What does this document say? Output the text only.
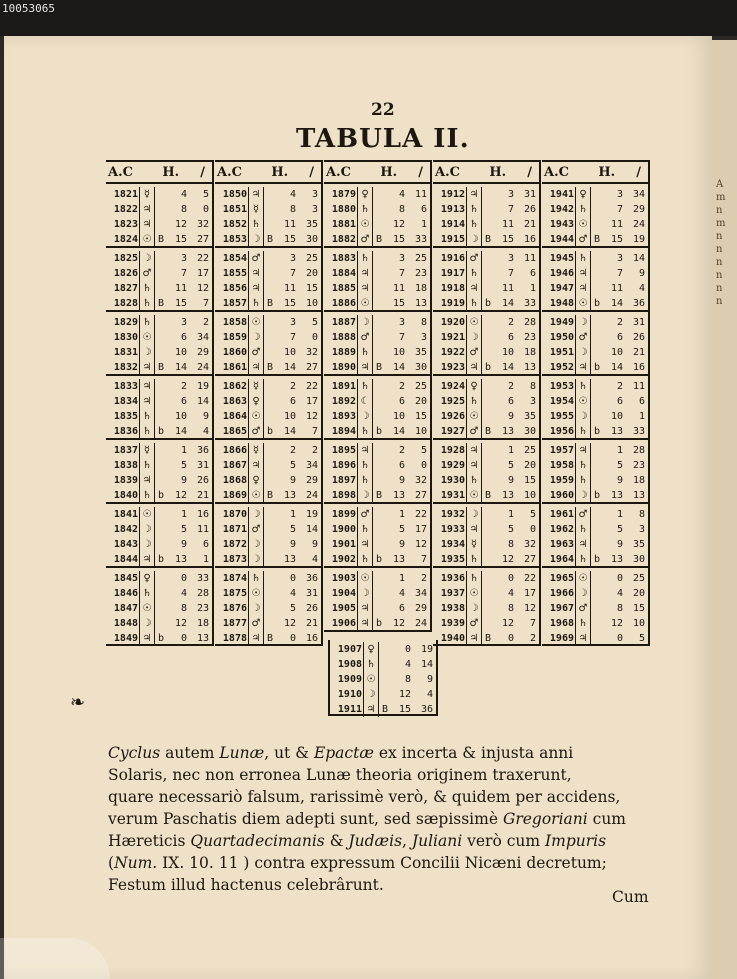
10053065
A
m
n
m
n
n
n
n
n
n
22
TABULA II.
A.C	H.	/
1821 ☿	4	5
1822 ♃	8	0
1823 ♃	12 32
1824 ☉ B	15 27
1825 ☽	3 22
1826 ♂	7 17
1827 ♄	11 12
1828 ♄ B	15	7
1829 ♄	3	2
1830 ☉	6 34
1831 ☽	10 29
1832 ♃ B	14 24
1833 ♃	2 19
1834 ♃	6 14
1835 ♄	10	9
1836 ♄ b	14	4
1837 ☿	1 36
1838 ♄	5 31
1839 ♃	9 26
1840 ♄ b	12 21
1841 ☉	1 16
1842 ☽	5 11
1843 ☽	9	6
1844 ♃ b	13	1
1845 ♀	0 33
1846 ♄	4 28
1847 ☉	8 23
1848 ☽	12 18
1849 ♃ b	0 13
A.C	H.	/
1850 ♃	4	3
1851 ☿	8	3
1852 ♄	11 35
1853 ☽ B	15 30
1854 ♂	3 25
1855 ♃	7 20
1856 ♃	11 15
1857 ♄ B	15 10
1858 ☉	3	5
1859 ☽	7	0
1860 ♂	10 32
1861 ♃ B	14 27
1862 ☿	2 22
1863 ♀	6 17
1864 ☉	10 12
1865 ♂ b	14	7
1866 ☿	2	2
1867 ♃	5 34
1868 ♀	9 29
1869 ☉ B	13 24
1870 ☽	1 19
1871 ♂	5 14
1872 ☽	9	9
1873 ☽	13	4
1874 ♄	0 36
1875 ☉	4 31
1876 ☽	5 26
1877 ♂	12 21
1878 ♃ B	0 16
A.C	H.	/
1879 ♀	4 11
1880 ♄	8	6
1881 ☉	12	1
1882 ♂ B	15 33
1883 ♄	3 25
1884 ♃	7 23
1885 ♃	11 18
1886 ☉	15 13
1887 ☽	3	8
1888 ♂	7	3
1889 ♄	10 35
1890 ♃ B	14 30
1891 ♄	2 25
1892 ☾	6 20
1893 ☽	10 15
1894 ♄ b	14 10
1895 ♃	2	5
1896 ♄	6	0
1897 ♄	9 32
1898 ☽ B	13 27
1899 ♂	1 22
1900 ♄	5 17
1901 ♃	9 12
1902 ♄ b	13	7
1903 ☉	1	2
1904 ☽	4 34
1905 ♃	6 29
1906 ♃ b	12 24
A.C	H.	/
1912 ♃	3 31
1913 ♄	7 26
1914 ♄	11 21
1915 ☽ B	15 16
1916 ♂	3 11
1917 ♄	7	6
1918 ♃	11	1
1919 ♄ b	14 33
1920 ☉	2 28
1921 ☽	6 23
1922 ♂	10 18
1923 ♃ b	14 13
1924 ♀	2	8
1925 ♄	6	3
1926 ☉	9 35
1927 ♂ B	13 30
1928 ♃	1 25
1929 ♃	5 20
1930 ♄	9 15
1931 ☉ B	13 10
1932 ☽	1	5
1933 ♃	5	0
1934 ☿	8 32
1935 ♄	12 27
1936 ♄	0 22
1937 ☉	4 17
1938 ☽	8 12
1939 ♂	12	7
1940 ♃ B	0	2
A.C	H.	/
1941 ♀	3 34
1942 ♄	7 29
1943 ☉	11 24
1944 ♂ B	15 19
1945 ♄	3 14
1946 ♃	7	9
1947 ♃	11	4
1948 ☉ b	14 36
1949 ☽	2 31
1950 ♂	6 26
1951 ☽	10 21
1952 ♃ b	14 16
1953 ♄	2 11
1954 ☉	6	6
1955 ☽	10	1
1956 ♄ b	13 33
1957 ♃	1 28
1958 ♄	5 23
1959 ♄	9 18
1960 ☽ b	13 13
1961 ♂	1	8
1962 ♄	5	3
1963 ♃	9 35
1964 ♄ b	13 30
1965 ☉	0 25
1966 ☽	4 20
1967 ♂	8 15
1968 ♄	12 10
1969 ♃	0	5
1907 ♀	0 19
1908 ♄	4 14
1909 ☉	8	9
1910 ☽	12	4
1911 ♃ B	15 36
❧

Cyclus autem Lunæ, ut & Epactæ ex incerta & injusta anni

Solaris, nec non erronea Lunæ theoria originem traxerunt,

quare necessariò falsum, rarissimè verò, & quidem per accidens,

verum Paschatis diem adepti sunt, sed sæpissimè Gregoriani cum

Hæreticis Quartadecimanis & Judæis, Juliani verò cum Impuris

(Num. IX. 10. 11 ) contra expressum Concilii Nicæni decretum;

Festum illud hactenus celebrârunt.

Cum
